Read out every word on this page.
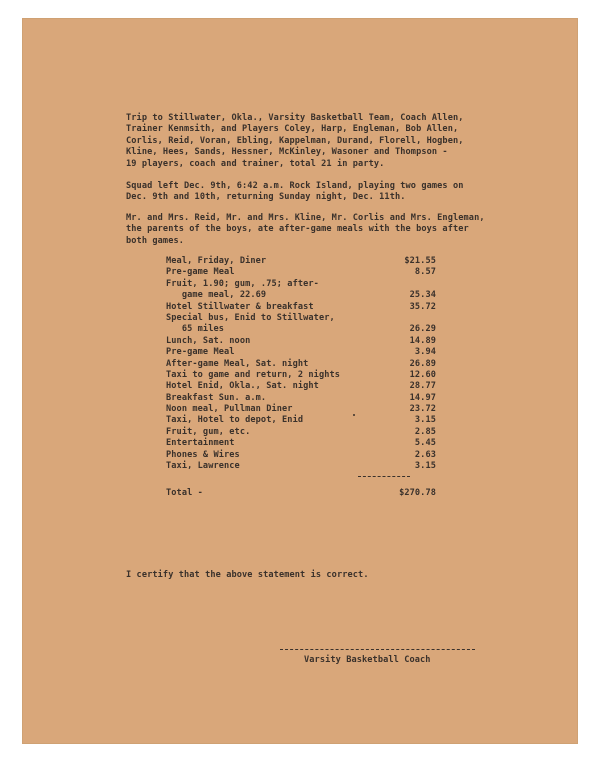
Trip to Stillwater, Okla., Varsity Basketball Team, Coach Allen,
Trainer Kenmsith, and Players Coley, Harp, Engleman, Bob Allen,
Corlis, Reid, Voran, Ebling, Kappelman, Durand, Florell, Hogben,
Kline, Hees, Sands, Hessner, McKinley, Wasoner and Thompson -
19 players, coach and trainer, total 21 in party.
Squad left Dec. 9th, 6:42 a.m. Rock Island, playing two games on
Dec. 9th and 10th, returning Sunday night, Dec. 11th.
Mr. and Mrs. Reid, Mr. and Mrs. Kline, Mr. Corlis and Mrs. Engleman,
the parents of the boys, ate after-game meals with the boys after
both games.
Meal, Friday, Diner	$21.55
Pre-game Meal	8.57
Fruit, 1.90; gum, .75; after-
game meal, 22.69	25.34
Hotel Stillwater & breakfast	35.72
Special bus, Enid to Stillwater,
65 miles	26.29
Lunch, Sat. noon	14.89
Pre-game Meal	3.94
After-game Meal, Sat. night	26.89
Taxi to game and return, 2 nights	12.60
Hotel Enid, Okla., Sat. night	28.77
Breakfast Sun. a.m.	14.97
Noon meal, Pullman Diner	23.72
Taxi, Hotel to depot, Enid	3.15
Fruit, gum, etc.	2.85
Entertainment	5.45
Phones & Wires	2.63
Taxi, Lawrence	3.15
Total -	$270.78
I certify that the above statement is correct.
Varsity Basketball Coach
